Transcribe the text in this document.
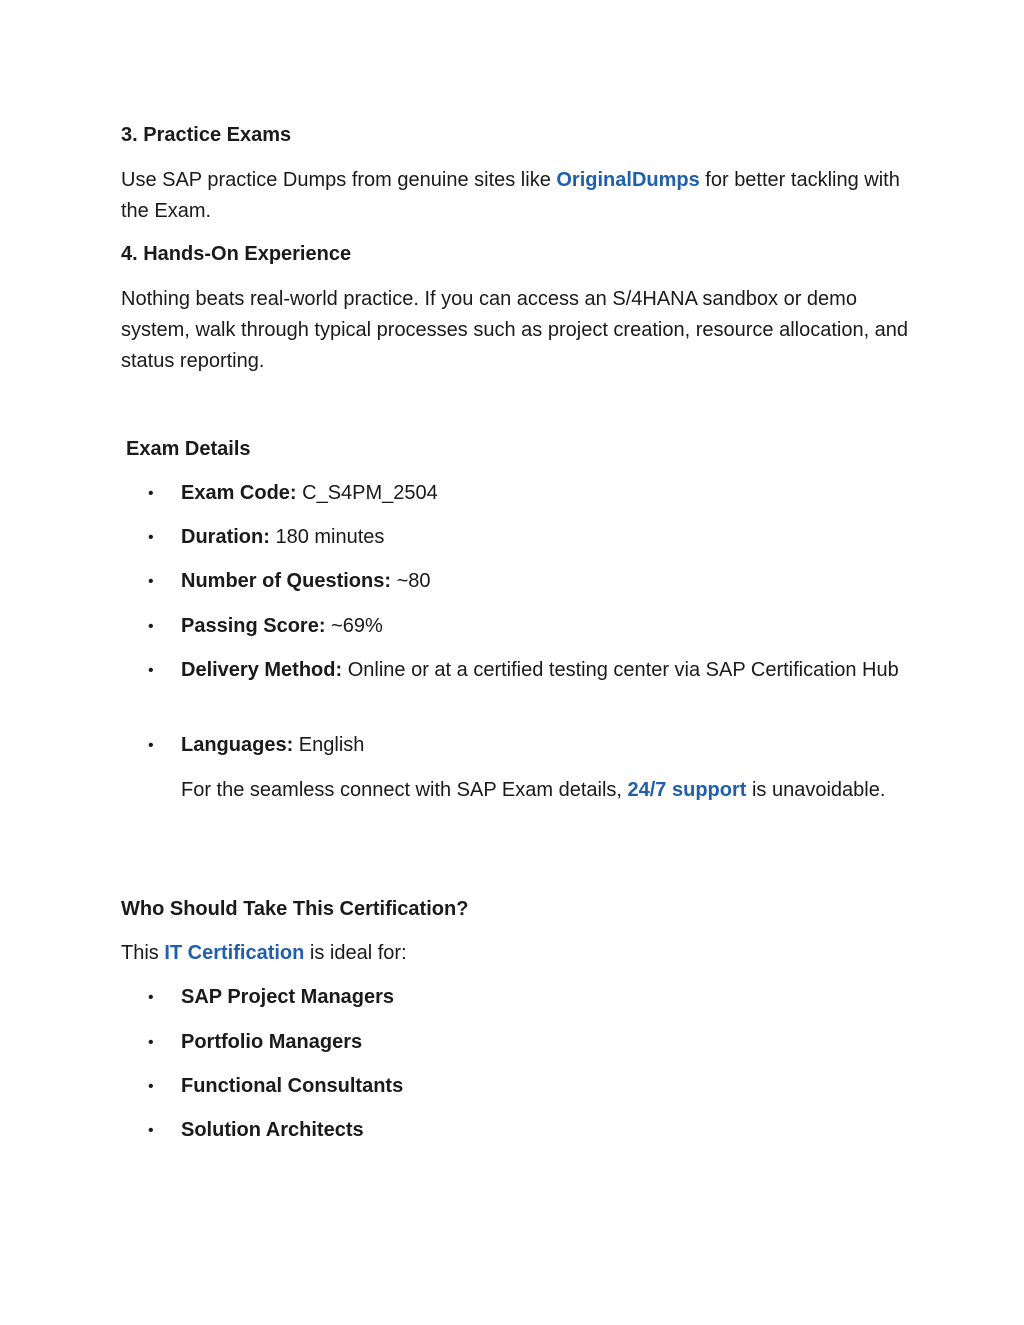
3. Practice Exams
Use SAP practice Dumps from genuine sites like OriginalDumps for better tackling with the Exam.
4. Hands-On Experience
Nothing beats real-world practice. If you can access an S/4HANA sandbox or demo system, walk through typical processes such as project creation, resource allocation, and status reporting.
Exam Details
• Exam Code: C_S4PM_2504
• Duration: 180 minutes
• Number of Questions: ~80
• Passing Score: ~69%
• Delivery Method: Online or at a certified testing center via SAP Certification Hub
• Languages: English
For the seamless connect with SAP Exam details, 24/7 support is unavoidable.
Who Should Take This Certification?
This IT Certification is ideal for:
• SAP Project Managers
• Portfolio Managers
• Functional Consultants
• Solution Architects
